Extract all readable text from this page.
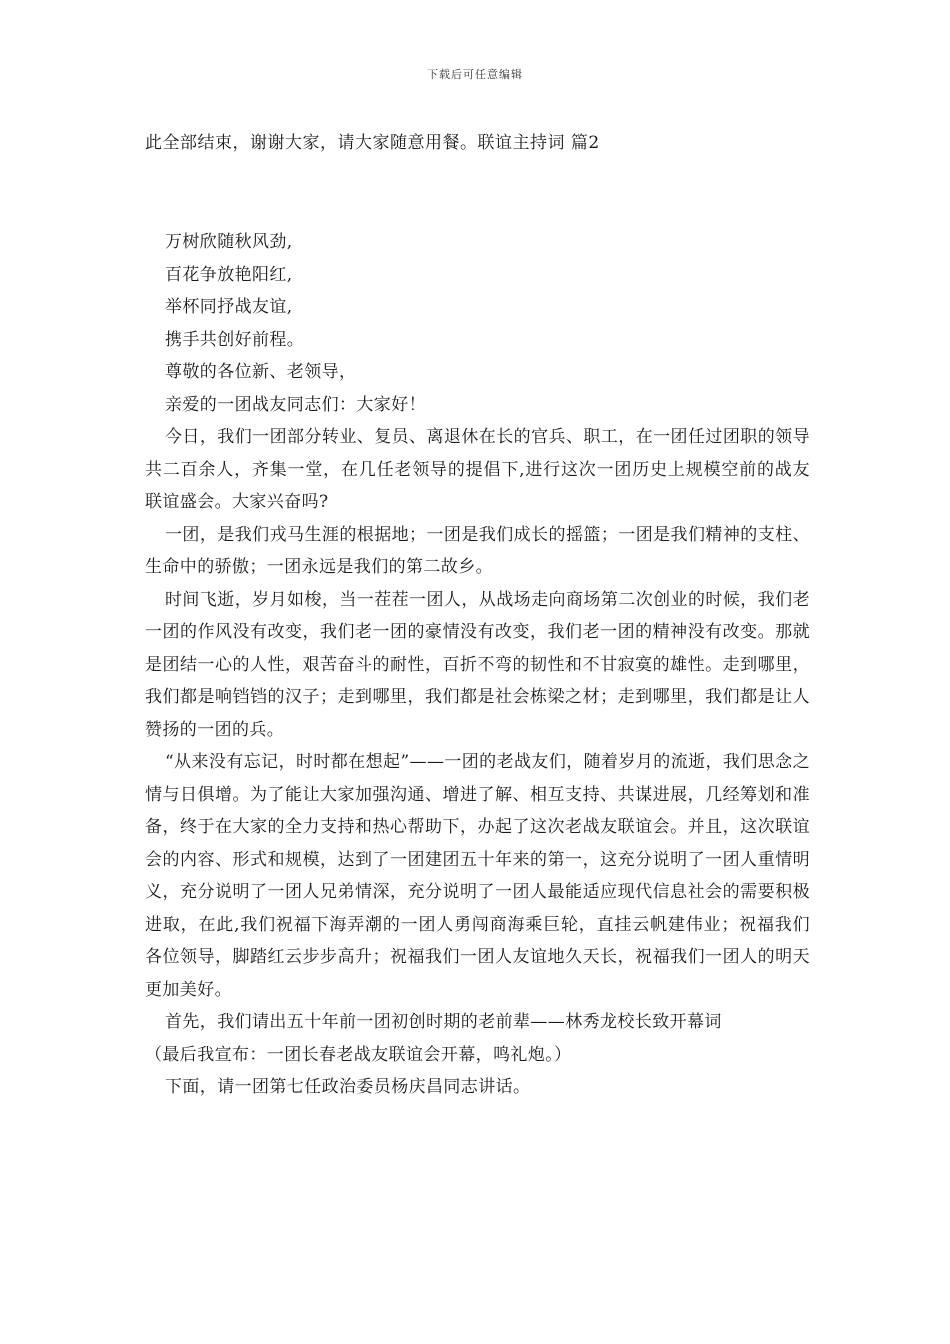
下载后可任意编辑
此全部结束，谢谢大家，请大家随意用餐。联谊主持词 篇2

万树欣随秋风劲,

百花争放艳阳红,

举杯同抒战友谊,

携手共创好前程。

尊敬的各位新、老领导，

亲爱的一团战友同志们：大家好！

今日，我们一团部分转业、复员、离退休在长的官兵、职工，在一团任过团职的领导共二百余人，齐集一堂，在几任老领导的提倡下,进行这次一团历史上规模空前的战友联谊盛会。大家兴奋吗?

一团，是我们戎马生涯的根据地；一团是我们成长的摇篮；一团是我们精神的支柱、生命中的骄傲；一团永远是我们的第二故乡。

时间飞逝，岁月如梭，当一茬茬一团人，从战场走向商场第二次创业的时候，我们老一团的作风没有改变，我们老一团的豪情没有改变，我们老一团的精神没有改变。那就是团结一心的人性，艰苦奋斗的耐性，百折不弯的韧性和不甘寂寞的雄性。走到哪里，我们都是响铛铛的汉子；走到哪里，我们都是社会栋梁之材；走到哪里，我们都是让人赞扬的一团的兵。

“从来没有忘记，时时都在想起”——一团的老战友们，随着岁月的流逝，我们思念之情与日俱增。为了能让大家加强沟通、增进了解、相互支持、共谋进展，几经筹划和准备，终于在大家的全力支持和热心帮助下，办起了这次老战友联谊会。并且，这次联谊会的内容、形式和规模，达到了一团建团五十年来的第一，这充分说明了一团人重情明义，充分说明了一团人兄弟情深，充分说明了一团人最能适应现代信息社会的需要积极进取，在此,我们祝福下海弄潮的一团人勇闯商海乘巨轮，直挂云帆建伟业；祝福我们各位领导，脚踏红云步步高升；祝福我们一团人友谊地久天长，祝福我们一团人的明天更加美好。

首先，我们请出五十年前一团初创时期的老前辈——林秀龙校长致开幕词

（最后我宣布：一团长春老战友联谊会开幕，鸣礼炮。）

下面，请一团第七任政治委员杨庆昌同志讲话。
